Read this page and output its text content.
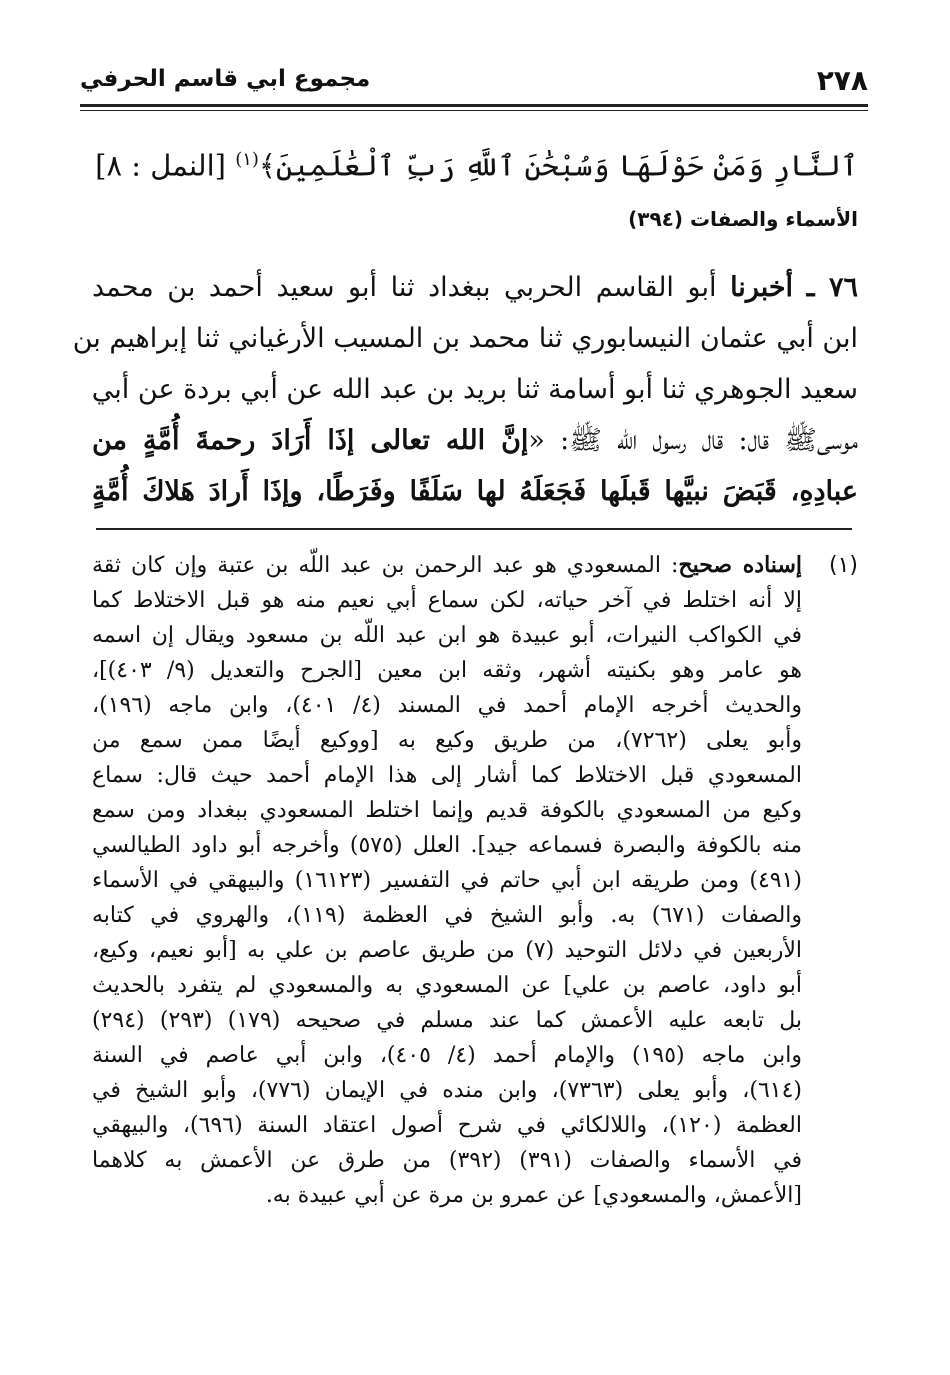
٢٧٨
مجموع ابي قاسم الحرفي
ٱلنَّارِ وَمَنْ حَوْلَهَا وَسُبْحَٰنَ ٱللَّهِ رَبِّ ٱلْعَٰلَمِينَ﴾$^{(١)}$ [النمل : ٨]
الأسماء والصفات (٣٩٤)

٧٦ ـ أخبرنا أبو القاسم الحربي ببغداد ثنا أبو سعيد أحمد بن محمد

ابن أبي عثمان النيسابوري ثنا محمد بن المسيب الأرغياني ثنا إبراهيم بن

سعيد الجوهري ثنا أبو أسامة ثنا بريد بن عبد الله عن أبي بردة عن أبي

موسىﷺ قال: قال رسول الله ﷺ: «إنَّ الله تعالى إذَا أَرَادَ رحمةَ أُمَّةٍ من

عبادِهِ، قَبَضَ نبيَّها قَبلَها فَجَعَلَهُ لها سَلَفًا وفَرَطًا، وإذَا أَرادَ هَلاكَ أُمَّةٍ

(١)

إسناده صحيح: المسعودي هو عبد الرحمن بن عبد اللّه بن عتبة وإن كان ثقة

إلا أنه اختلط في آخر حياته، لكن سماع أبي نعيم منه هو قبل الاختلاط كما

في الكواكب النيرات، أبو عبيدة هو ابن عبد اللّه بن مسعود ويقال إن اسمه

هو عامر وهو بكنيته أشهر، وثقه ابن معين [الجرح والتعديل (٩/ ٤٠٣)]،

والحديث أخرجه الإمام أحمد في المسند (٤/ ٤٠١)، وابن ماجه (١٩٦)،

وأبو يعلى (٧٢٦٢)، من طريق وكيع به [ووكيع أيضًا ممن سمع من

المسعودي قبل الاختلاط كما أشار إلى هذا الإمام أحمد حيث قال: سماع

وكيع من المسعودي بالكوفة قديم وإنما اختلط المسعودي ببغداد ومن سمع

منه بالكوفة والبصرة فسماعه جيد]. العلل (٥٧٥) وأخرجه أبو داود الطيالسي

(٤٩١) ومن طريقه ابن أبي حاتم في التفسير (١٦١٢٣) والبيهقي في الأسماء

والصفات (٦٧١) به. وأبو الشيخ في العظمة (١١٩)، والهروي في كتابه

الأربعين في دلائل التوحيد (٧) من طريق عاصم بن علي به [أبو نعيم، وكيع،

أبو داود، عاصم بن علي] عن المسعودي به والمسعودي لم يتفرد بالحديث

بل تابعه عليه الأعمش كما عند مسلم في صحيحه (١٧٩) (٢٩٣) (٢٩٤)

وابن ماجه (١٩٥) والإمام أحمد (٤/ ٤٠٥)، وابن أبي عاصم في السنة

(٦١٤)، وأبو يعلى (٧٣٦٣)، وابن منده في الإيمان (٧٧٦)، وأبو الشيخ في

العظمة (١٢٠)، واللالكائي في شرح أصول اعتقاد السنة (٦٩٦)، والبيهقي

في الأسماء والصفات (٣٩١) (٣٩٢) من طرق عن الأعمش به كلاهما

[الأعمش، والمسعودي] عن عمرو بن مرة عن أبي عبيدة به.
